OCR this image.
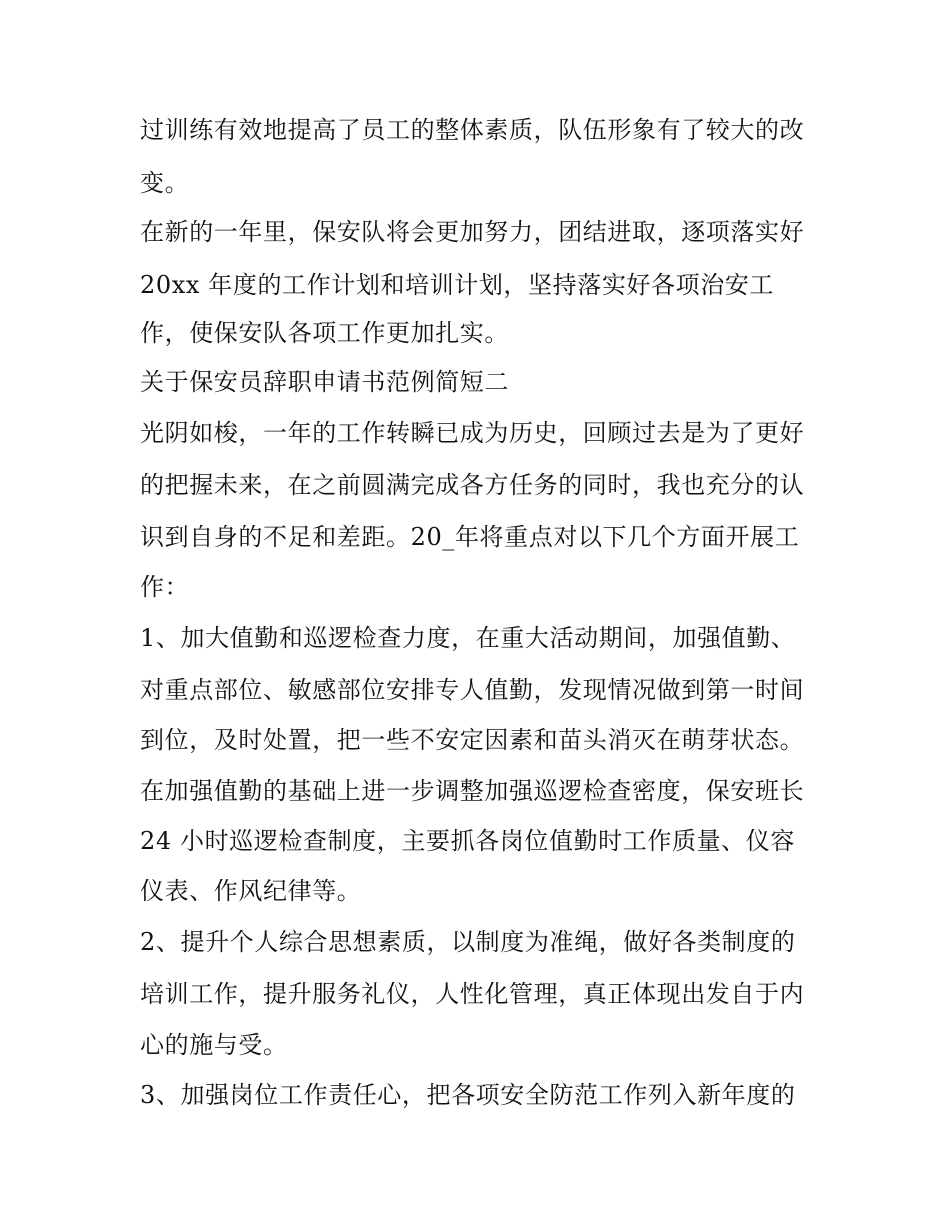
过训练有效地提高了员工的整体素质，队伍形象有了较大的改
变。
在新的一年里，保安队将会更加努力，团结进取，逐项落实好
20xx 年度的工作计划和培训计划，坚持落实好各项治安工
作，使保安队各项工作更加扎实。
关于保安员辞职申请书范例简短二
光阴如梭，一年的工作转瞬已成为历史，回顾过去是为了更好
的把握未来，在之前圆满完成各方任务的同时，我也充分的认
识到自身的不足和差距。20_年将重点对以下几个方面开展工
作：
1、加大值勤和巡逻检查力度，在重大活动期间，加强值勤、
对重点部位、敏感部位安排专人值勤，发现情况做到第一时间
到位，及时处置，把一些不安定因素和苗头消灭在萌芽状态。
在加强值勤的基础上进一步调整加强巡逻检查密度，保安班长
24 小时巡逻检查制度，主要抓各岗位值勤时工作质量、仪容
仪表、作风纪律等。
2、提升个人综合思想素质，以制度为准绳，做好各类制度的
培训工作，提升服务礼仪，人性化管理，真正体现出发自于内
心的施与受。
3、加强岗位工作责任心，把各项安全防范工作列入新年度的
